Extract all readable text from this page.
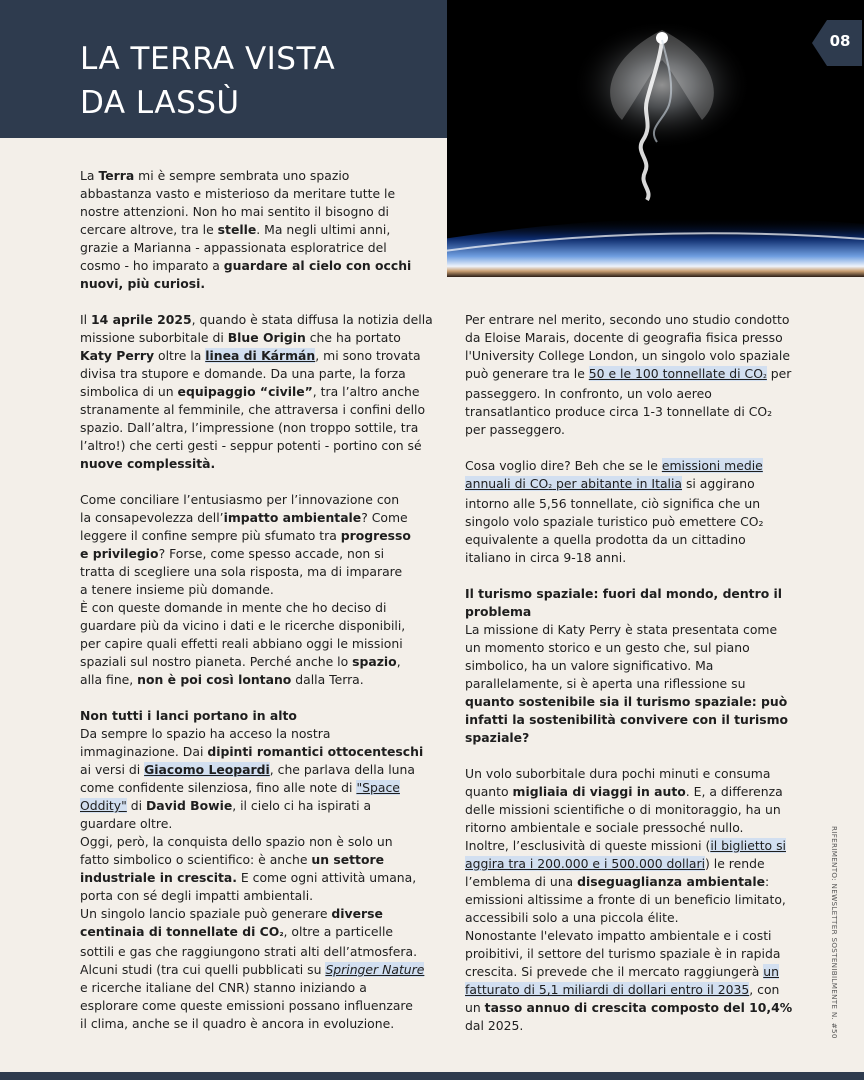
LA TERRA VISTA
DA LASSÙ
08

La Terra mi è sempre sembrata uno spazio

abbastanza vasto e misterioso da meritare tutte le

nostre attenzioni. Non ho mai sentito il bisogno di

cercare altrove, tra le stelle. Ma negli ultimi anni,

grazie a Marianna - appassionata esploratrice del

cosmo - ho imparato a guardare al cielo con occhi

nuovi, più curiosi.

Il 14 aprile 2025, quando è stata diffusa la notizia della

missione suborbitale di Blue Origin che ha portato

Katy Perry oltre la linea di Kármán, mi sono trovata

divisa tra stupore e domande. Da una parte, la forza

simbolica di un equipaggio “civile”, tra l’altro anche

stranamente al femminile, che attraversa i confini dello

spazio. Dall’altra, l’impressione (non troppo sottile, tra

l’altro!) che certi gesti - seppur potenti - portino con sé

nuove complessità.

Come conciliare l’entusiasmo per l’innovazione con

la consapevolezza dell’impatto ambientale? Come

leggere il confine sempre più sfumato tra progresso

e privilegio? Forse, come spesso accade, non si

tratta di scegliere una sola risposta, ma di imparare

a tenere insieme più domande.

È con queste domande in mente che ho deciso di

guardare più da vicino i dati e le ricerche disponibili,

per capire quali effetti reali abbiano oggi le missioni

spaziali sul nostro pianeta. Perché anche lo spazio,

alla fine, non è poi così lontano dalla Terra.

Non tutti i lanci portano in alto

Da sempre lo spazio ha acceso la nostra

immaginazione. Dai dipinti romantici ottocenteschi

ai versi di Giacomo Leopardi, che parlava della luna

come confidente silenziosa, fino alle note di "Space

Oddity" di David Bowie, il cielo ci ha ispirati a

guardare oltre.

Oggi, però, la conquista dello spazio non è solo un

fatto simbolico o scientifico: è anche un settore

industriale in crescita. E come ogni attività umana,

porta con sé degli impatti ambientali.

Un singolo lancio spaziale può generare diverse

centinaia di tonnellate di CO₂, oltre a particelle

sottili e gas che raggiungono strati alti dell’atmosfera.

Alcuni studi (tra cui quelli pubblicati su Springer Nature

e ricerche italiane del CNR) stanno iniziando a

esplorare come queste emissioni possano influenzare

il clima, anche se il quadro è ancora in evoluzione.

Per entrare nel merito, secondo uno studio condotto

da Eloise Marais, docente di geografia fisica presso

l'University College London, un singolo volo spaziale

può generare tra le 50 e le 100 tonnellate di CO₂ per

passeggero. In confronto, un volo aereo

transatlantico produce circa 1-3 tonnellate di CO₂

per passeggero.

Cosa voglio dire? Beh che se le emissioni medie

annuali di CO₂ per abitante in Italia si aggirano

intorno alle 5,56 tonnellate, ciò significa che un

singolo volo spaziale turistico può emettere CO₂

equivalente a quella prodotta da un cittadino

italiano in circa 9-18 anni.

Il turismo spaziale: fuori dal mondo, dentro il

problema

La missione di Katy Perry è stata presentata come

un momento storico e un gesto che, sul piano

simbolico, ha un valore significativo. Ma

parallelamente, si è aperta una riflessione su

quanto sostenibile sia il turismo spaziale: può

infatti la sostenibilità convivere con il turismo

spaziale?

Un volo suborbitale dura pochi minuti e consuma

quanto migliaia di viaggi in auto. E, a differenza

delle missioni scientifiche o di monitoraggio, ha un

ritorno ambientale e sociale pressoché nullo.

Inoltre, l’esclusività di queste missioni (il biglietto si

aggira tra i 200.000 e i 500.000 dollari) le rende

l’emblema di una diseguaglianza ambientale:

emissioni altissime a fronte di un beneficio limitato,

accessibili solo a una piccola élite.

Nonostante l'elevato impatto ambientale e i costi

proibitivi, il settore del turismo spaziale è in rapida

crescita. Si prevede che il mercato raggiungerà un

fatturato di 5,1 miliardi di dollari entro il 2035, con

un tasso annuo di crescita composto del 10,4%

dal 2025.	RIFERIMENTO: NEWSLETTER SOSTENIBILMENTE N. #50
